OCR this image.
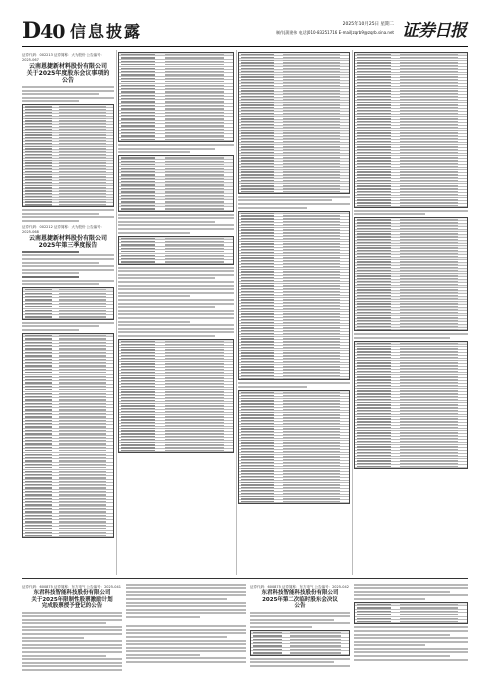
D40 信息披露	2025年10月25日 星期二
制作|蒲建伟 电话|010-83251716 E-mail|zqrb9@zqrb.sina.net 证券日报
证券代码：002213 证券简称：大为股份 公告编号：2025-067
云南恩捷新材料股份有限公司
关于2025年度股东会议事项的
公告
证券代码：002212 证券简称：大为股份 公告编号：2025-068
云南恩捷新材料股份有限公司
2025年第三季度报告
证券代码：600875 证券简称：东方电气 公告编号：2025-041
东君科技智能科技股份有限公司
关于2025年限制性股票激励计划
完成股票授予登记的公告
证券代码：600875 证券简称：东方电气 公告编号：2025-042
东君科技智能科技股份有限公司
2025年第二次临时股东会决议
公告
